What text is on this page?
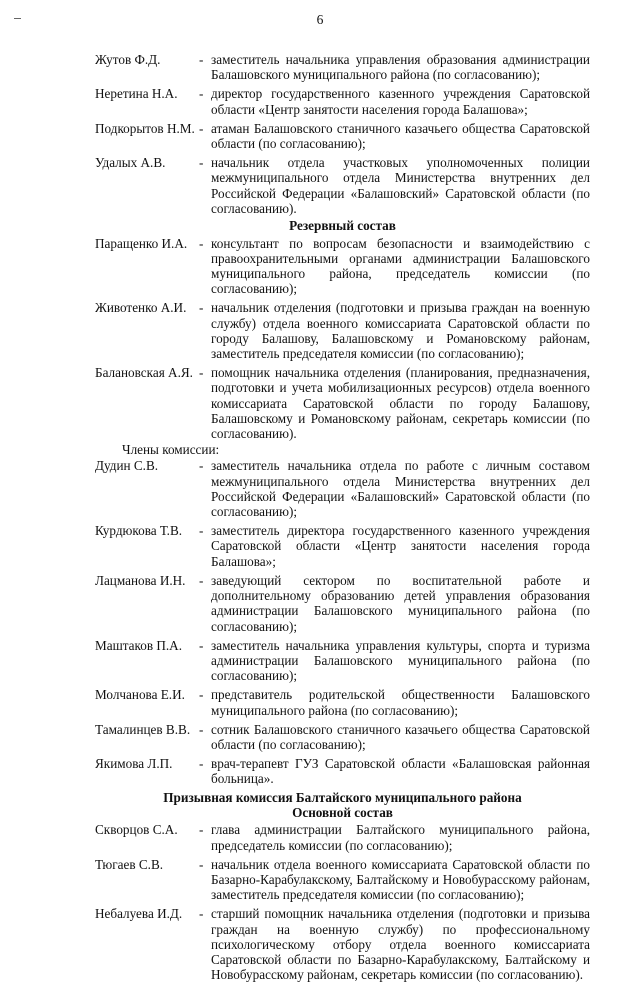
6
Жутов Ф.Д.	- заместитель начальника управления образования администрации Балашовского муниципального района (по согласованию);
Неретина Н.А.	- директор государственного казенного учреждения Саратовской области «Центр занятости населения города Балашова»;
Подкорытов Н.М. - атаман Балашовского станичного казачьего общества Саратовской области (по согласованию);
Удалых А.В.	- начальник отдела участковых уполномоченных полиции межмуниципального отдела Министерства внутренних дел Российской Федерации «Балашовский» Саратовской области (по согласованию).
Резервный состав
Паращенко И.А. - консультант по вопросам безопасности и взаимодействию с правоохранительными органами администрации Балашовского муниципального района, председатель комиссии (по согласованию);
Животенко А.И. - начальник отделения (подготовки и призыва граждан на военную службу) отдела военного комиссариата Саратовской области по городу Балашову, Балашовскому и Романовскому районам, заместитель председателя комиссии (по согласованию);
Балановская А.Я. - помощник начальника отделения (планирования, предназначения, подготовки и учета мобилизационных ресурсов) отдела военного комиссариата Саратовской области по городу Балашову, Балашовскому и Романовскому районам, секретарь комиссии (по согласованию).
Члены комиссии:
Дудин С.В.	- заместитель начальника отдела по работе с личным составом межмуниципального отдела Министерства внутренних дел Российской Федерации «Балашовский» Саратовской области (по согласованию);
Курдюкова Т.В.	- заместитель директора государственного казенного учреждения Саратовской области «Центр занятости населения города Балашова»;
Лацманова И.Н.	- заведующий сектором по воспитательной работе и дополнительному образованию детей управления образования администрации Балашовского муниципального района (по согласованию);
Маштаков П.А.	- заместитель начальника управления культуры, спорта и туризма администрации Балашовского муниципального района (по согласованию);
Молчанова Е.И.	- представитель родительской общественности Балашовского муниципального района (по согласованию);
Тамалинцев В.В. - сотник Балашовского станичного казачьего общества Саратовской области (по согласованию);
Якимова Л.П.	- врач-терапевт ГУЗ Саратовской области «Балашовская районная больница».
Призывная комиссия Балтайского муниципального района
Основной состав
Скворцов С.А.	- глава администрации Балтайского муниципального района, председатель комиссии (по согласованию);
Тюгаев С.В.	- начальник отдела военного комиссариата Саратовской области по Базарно-Карабулакскому, Балтайскому и Новобурасскому районам, заместитель председателя комиссии (по согласованию);
Небалуева И.Д.	- старший помощник начальника отделения (подготовки и призыва граждан на военную службу) по профессиональному психологическому отбору отдела военного комиссариата Саратовской области по Базарно-Карабулакскому, Балтайскому и Новобурасскому районам, секретарь комиссии (по согласованию).
